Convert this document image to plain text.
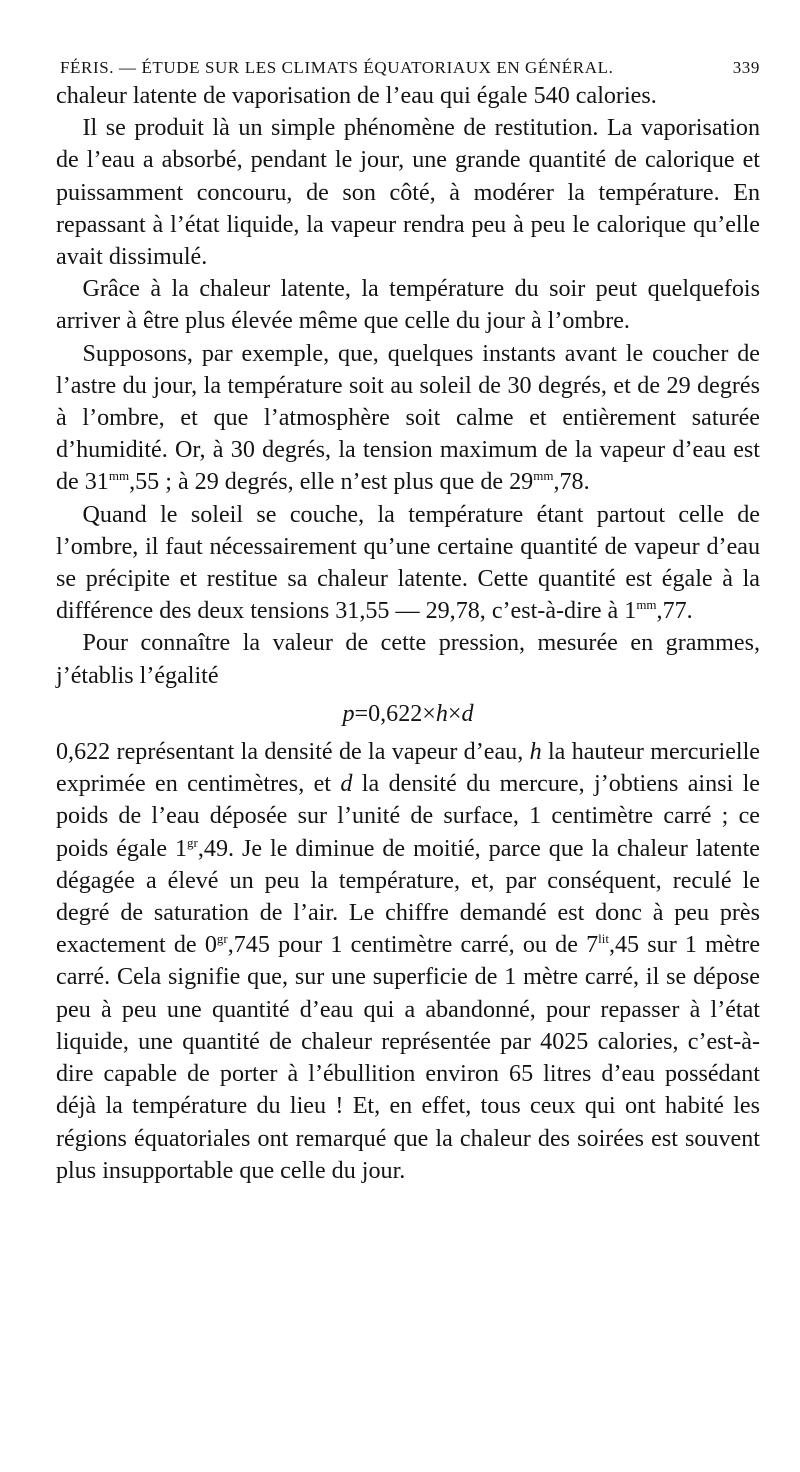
FÉRIS. — ÉTUDE SUR LES CLIMATS ÉQUATORIAUX EN GÉNÉRAL.	339

chaleur latente de vaporisation de l’eau qui égale 540 calories.

Il se produit là un simple phénomène de restitution. La vaporisation de l’eau a absorbé, pendant le jour, une grande quantité de calorique et puissamment concouru, de son côté, à modérer la température. En repassant à l’état liquide, la vapeur rendra peu à peu le calorique qu’elle avait dissimulé.

Grâce à la chaleur latente, la température du soir peut quelquefois arriver à être plus élevée même que celle du jour à l’ombre.

Supposons, par exemple, que, quelques instants avant le coucher de l’astre du jour, la température soit au soleil de 30 degrés, et de 29 degrés à l’ombre, et que l’atmosphère soit calme et entièrement saturée d’humidité. Or, à 30 degrés, la tension maximum de la vapeur d’eau est de $31^{mm},55$ ; à 29 degrés, elle n’est plus que de $29^{mm},78$.

Quand le soleil se couche, la température étant partout celle de l’ombre, il faut nécessairement qu’une certaine quantité de vapeur d’eau se précipite et restitue sa chaleur latente. Cette quantité est égale à la différence des deux tensions 31,55 — 29,78, c’est-à-dire à $1^{mm},77$.

Pour connaître la valeur de cette pression, mesurée en grammes, j’établis l’égalité

p=0,622×h×d

0,622 représentant la densité de la vapeur d’eau, h la hauteur mercurielle exprimée en centimètres, et d la densité du mercure, j’obtiens ainsi le poids de l’eau déposée sur l’unité de surface, 1 centimètre carré ; ce poids égale $1^{gr},49$. Je le diminue de moitié, parce que la chaleur latente dégagée a élevé un peu la température, et, par conséquent, reculé le degré de saturation de l’air. Le chiffre demandé est donc à peu près exactement de $0^{gr},745$ pour 1 centimètre carré, ou de $7^{lit},45$ sur 1 mètre carré. Cela signifie que, sur une superficie de 1 mètre carré, il se dépose peu à peu une quantité d’eau qui a abandonné, pour repasser à l’état liquide, une quantité de chaleur représentée par 4025 calories, c’est-à-dire capable de porter à l’ébullition environ 65 litres d’eau possédant déjà la température du lieu ! Et, en effet, tous ceux qui ont habité les régions équatoriales ont remarqué que la chaleur des soirées est souvent plus insupportable que celle du jour.
